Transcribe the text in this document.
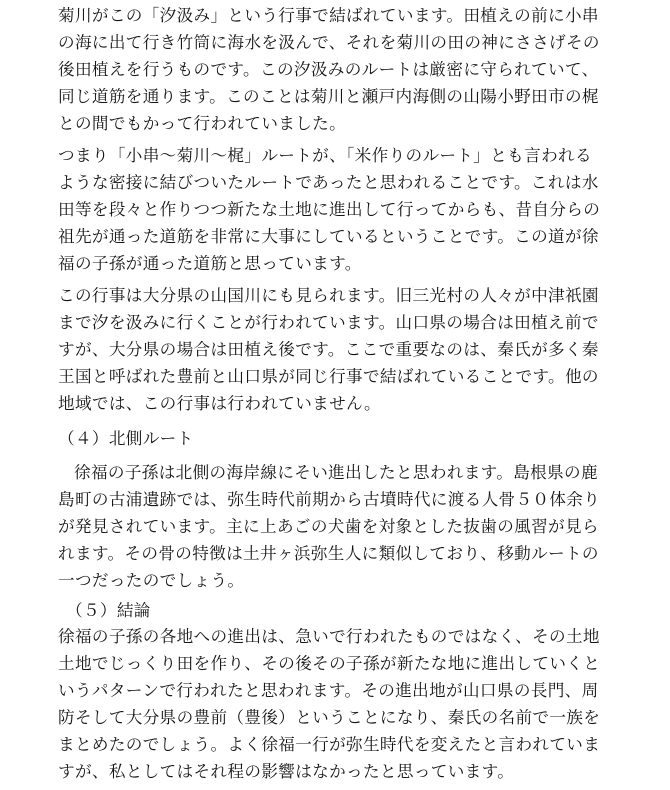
菊川がこの「汐汲み」という行事で結ばれています。田植えの前に小串
の海に出て行き竹筒に海水を汲んで、それを菊川の田の神にささげその
後田植えを行うものです。この汐汲みのルートは厳密に守られていて、
同じ道筋を通ります。このことは菊川と瀬戸内海側の山陽小野田市の梶
との間でもかって行われていました。
つまり「小串～菊川～梶」ルートが、「米作りのルート」とも言われる
ような密接に結びついたルートであったと思われることです。これは水
田等を段々と作りつつ新たな土地に進出して行ってからも、昔自分らの
祖先が通った道筋を非常に大事にしているということです。この道が徐
福の子孫が通った道筋と思っています。
この行事は大分県の山国川にも見られます。旧三光村の人々が中津祇園
まで汐を汲みに行くことが行われています。山口県の場合は田植え前で
すが、大分県の場合は田植え後です。ここで重要なのは、秦氏が多く秦
王国と呼ばれた豊前と山口県が同じ行事で結ばれていることです。他の
地域では、この行事は行われていません。
（４）北側ルート
徐福の子孫は北側の海岸線にそい進出したと思われます。島根県の鹿
島町の古浦遺跡では、弥生時代前期から古墳時代に渡る人骨５０体余り
が発見されています。主に上あごの犬歯を対象とした抜歯の風習が見ら
れます。その骨の特徴は土井ヶ浜弥生人に類似しており、移動ルートの
一つだったのでしょう。
（５）結論
徐福の子孫の各地への進出は、急いで行われたものではなく、その土地
土地でじっくり田を作り、その後その子孫が新たな地に進出していくと
いうパターンで行われたと思われます。その進出地が山口県の長門、周
防そして大分県の豊前（豊後）ということになり、秦氏の名前で一族を
まとめたのでしょう。よく徐福一行が弥生時代を変えたと言われていま
すが、私としてはそれ程の影響はなかったと思っています。
